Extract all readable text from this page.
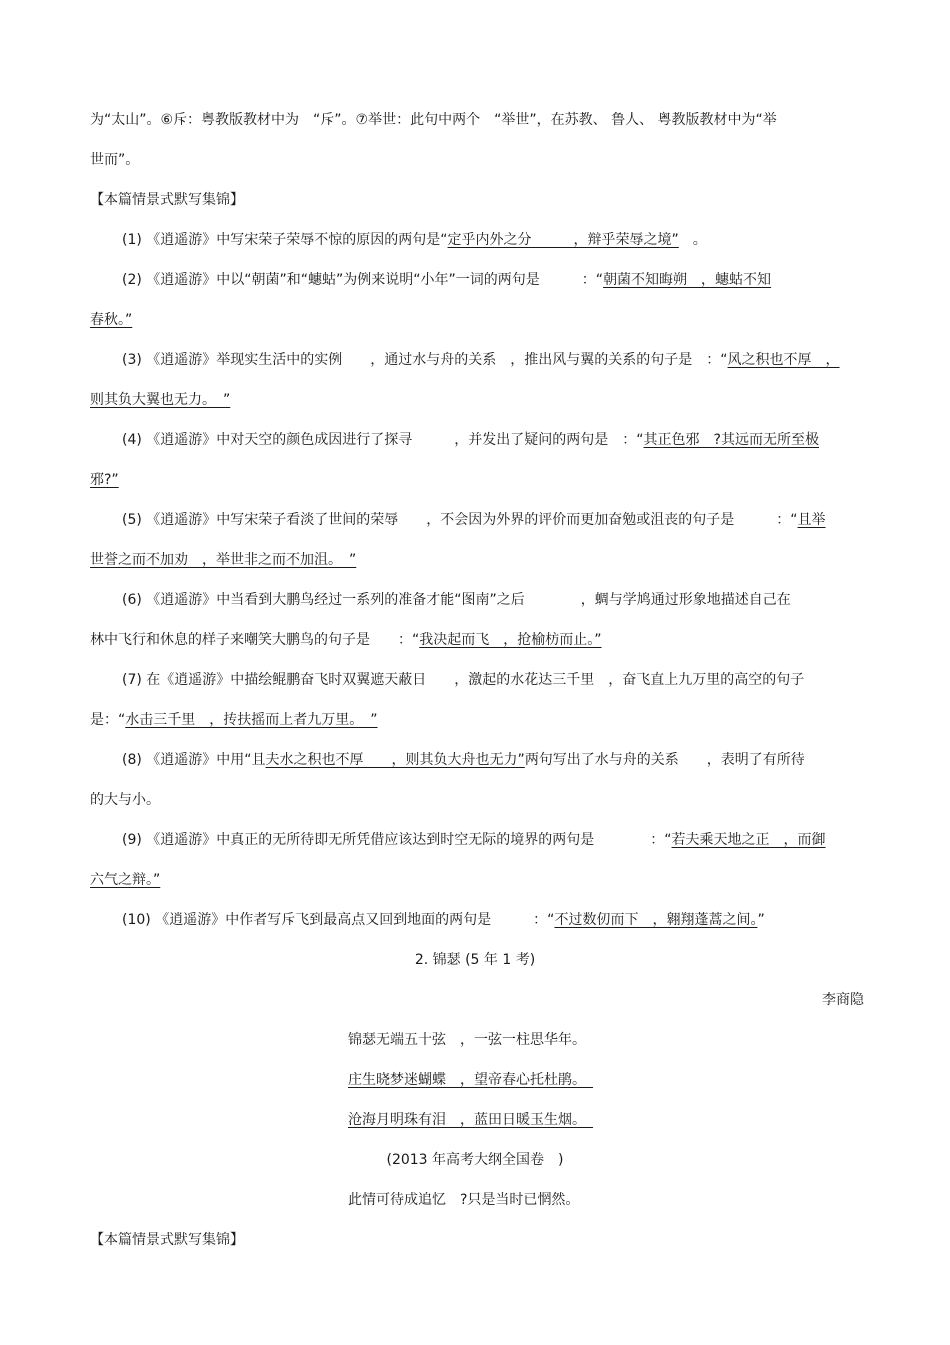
为“太山”。⑥斥：粤教版教材中为　“斥”。⑦举世：此句中两个　“举世”，在苏教、 鲁人、 粤教版教材中为“举
世而”。
【本篇情景式默写集锦】
(1) 《逍遥游》中写宋荣子荣辱不惊的原因的两句是“定乎内外之分　　　，辩乎荣辱之境”　。
(2) 《逍遥游》中以“朝菌”和“蟪蛄”为例来说明“小年”一词的两句是　　　：“朝菌不知晦朔　，蟪蛄不知
春秋。”
(3) 《逍遥游》举现实生活中的实例　　，通过水与舟的关系　，推出风与翼的关系的句子是　：“风之积也不厚　，
则其负大翼也无力。　”
(4) 《逍遥游》中对天空的颜色成因进行了探寻　　　，并发出了疑问的两句是　：“其正色邪　?其远而无所至极
邪?”
(5) 《逍遥游》中写宋荣子看淡了世间的荣辱　　，不会因为外界的评价而更加奋勉或沮丧的句子是　　　：“且举
世誉之而不加劝　，举世非之而不加沮。　”
(6) 《逍遥游》中当看到大鹏鸟经过一系列的准备才能“图南”之后　　　　，蜩与学鸠通过形象地描述自己在
林中飞行和休息的样子来嘲笑大鹏鸟的句子是　　：“我决起而飞　，抢榆枋而止。”
(7) 在《逍遥游》中描绘鲲鹏奋飞时双翼遮天蔽日　　，激起的水花达三千里　，奋飞直上九万里的高空的句子
是：“水击三千里　，抟扶摇而上者九万里。　”
(8) 《逍遥游》中用“且夫水之积也不厚　　，则其负大舟也无力”两句写出了水与舟的关系　　，表明了有所待
的大与小。
(9) 《逍遥游》中真正的无所待即无所凭借应该达到时空无际的境界的两句是　　　　：“若夫乘天地之正　，而御
六气之辩。”
(10) 《逍遥游》中作者写斥飞到最高点又回到地面的两句是　　　：“不过数仞而下　，翱翔蓬蒿之间。”
2. 锦瑟 (5 年 1 考)
李商隐
锦瑟无端五十弦　，一弦一柱思华年。
庄生晓梦迷蝴蝶　，望帝春心托杜鹃。　
沧海月明珠有泪　，蓝田日暖玉生烟。　
(2013 年高考大纲全国卷　)
此情可待成追忆　?只是当时已惘然。
【本篇情景式默写集锦】
